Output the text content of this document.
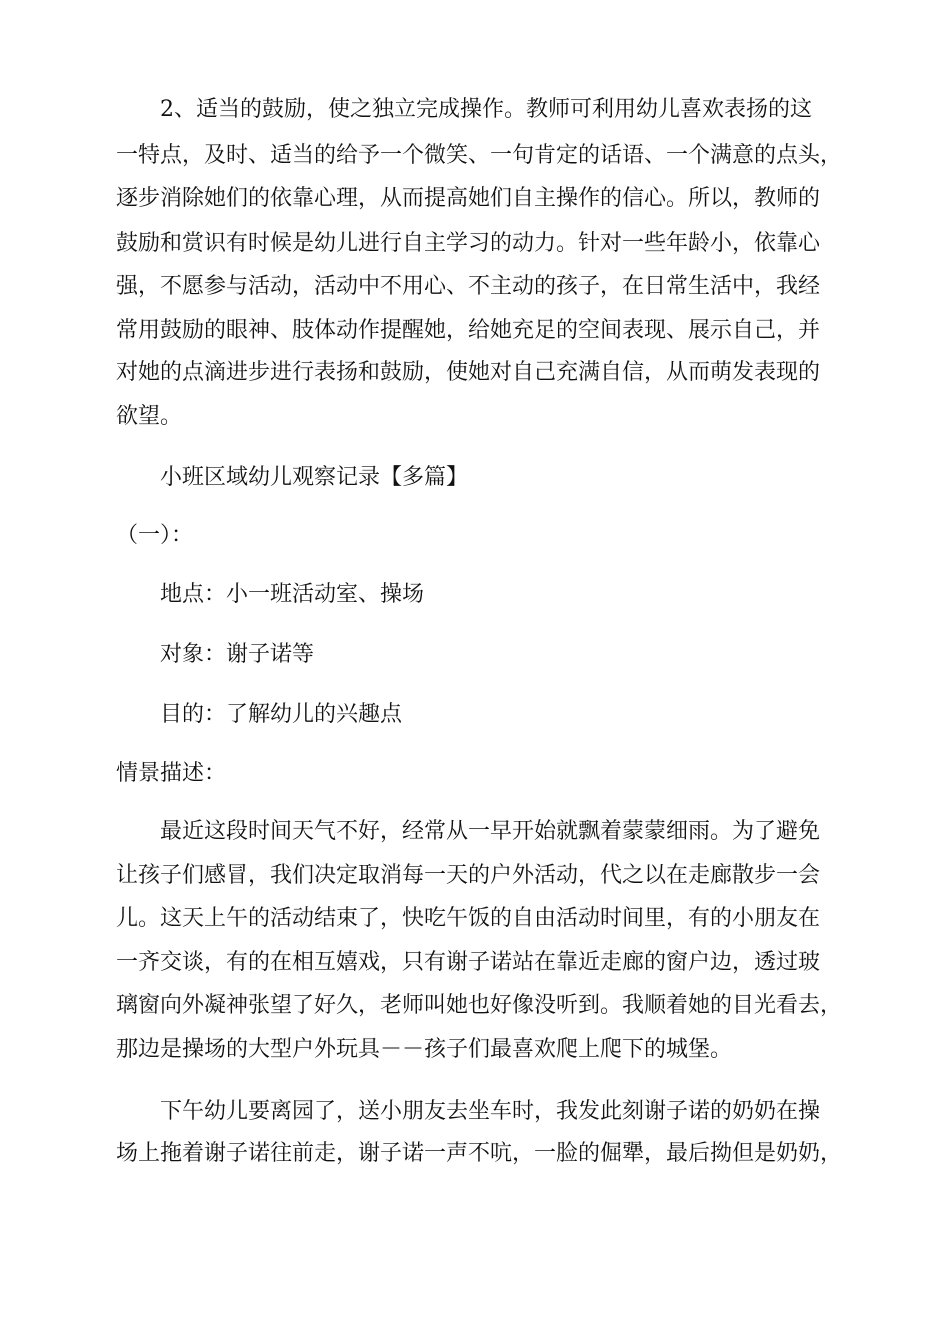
2、适当的鼓励，使之独立完成操作。教师可利用幼儿喜欢表扬的这
一特点，及时、适当的给予一个微笑、一句肯定的话语、一个满意的点头，
逐步消除她们的依靠心理，从而提高她们自主操作的信心。所以，教师的
鼓励和赏识有时候是幼儿进行自主学习的动力。针对一些年龄小，依靠心
强，不愿参与活动，活动中不用心、不主动的孩子，在日常生活中，我经
常用鼓励的眼神、肢体动作提醒她，给她充足的空间表现、展示自己，并
对她的点滴进步进行表扬和鼓励，使她对自己充满自信，从而萌发表现的
欲望。
小班区域幼儿观察记录【多篇】
（一）：
地点：小一班活动室、操场
对象：谢子诺等
目的：了解幼儿的兴趣点
情景描述：
最近这段时间天气不好，经常从一早开始就飘着蒙蒙细雨。为了避免
让孩子们感冒，我们决定取消每一天的户外活动，代之以在走廊散步一会
儿。这天上午的活动结束了，快吃午饭的自由活动时间里，有的小朋友在
一齐交谈，有的在相互嬉戏，只有谢子诺站在靠近走廊的窗户边，透过玻
璃窗向外凝神张望了好久，老师叫她也好像没听到。我顺着她的目光看去，
那边是操场的大型户外玩具－－孩子们最喜欢爬上爬下的城堡。
下午幼儿要离园了，送小朋友去坐车时，我发此刻谢子诺的奶奶在操
场上拖着谢子诺往前走，谢子诺一声不吭，一脸的倔犟，最后拗但是奶奶，
